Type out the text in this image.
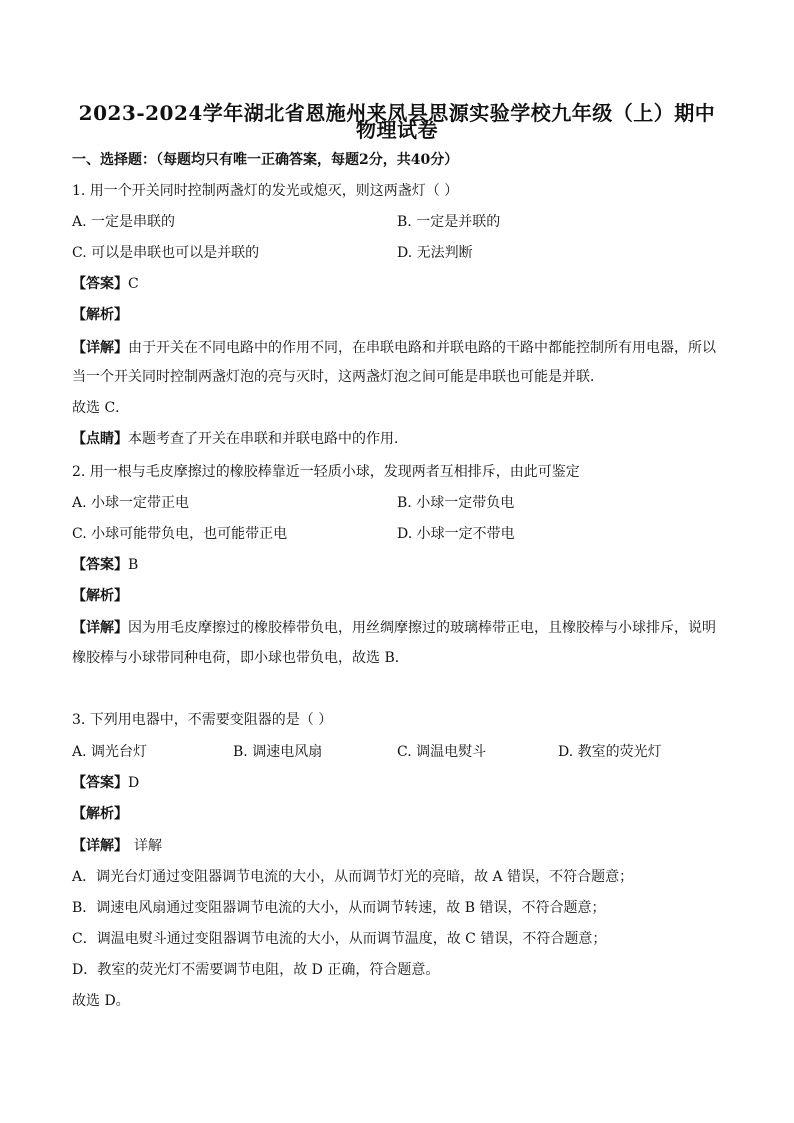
2023-2024学年湖北省恩施州来凤县思源实验学校九年级（上）期中
物理试卷
一、选择题：（每题均只有唯一正确答案，每题2分，共40分）
1. 用一个开关同时控制两盏灯的发光或熄灭，则这两盏灯（ ）
A. 一定是串联的	B. 一定是并联的
C. 可以是串联也可以是并联的	D. 无法判断
【答案】C
【解析】
【详解】由于开关在不同电路中的作用不同，在串联电路和并联电路的干路中都能控制所有用电器，所以
当一个开关同时控制两盏灯泡的亮与灭时，这两盏灯泡之间可能是串联也可能是并联．
故选 C．
【点睛】本题考查了开关在串联和并联电路中的作用．
2. 用一根与毛皮摩擦过的橡胶棒靠近一轻质小球，发现两者互相排斥，由此可鉴定
A. 小球一定带正电	B. 小球一定带负电
C. 小球可能带负电，也可能带正电	D. 小球一定不带电
【答案】B
【解析】
【详解】因为用毛皮摩擦过的橡胶棒带负电，用丝绸摩擦过的玻璃棒带正电，且橡胶棒与小球排斥，说明
橡胶棒与小球带同种电荷，即小球也带负电，故选 B．
3. 下列用电器中，不需要变阻器的是（ ）
A. 调光台灯	B. 调速电风扇	C. 调温电熨斗	D. 教室的荧光灯
【答案】D
【解析】
【详解】 详解
A．调光台灯通过变阻器调节电流的大小，从而调节灯光的亮暗，故 A 错误，不符合题意；
B．调速电风扇通过变阻器调节电流的大小，从而调节转速，故 B 错误，不符合题意；
C．调温电熨斗通过变阻器调节电流的大小，从而调节温度，故 C 错误，不符合题意；
D．教室的荧光灯不需要调节电阻，故 D 正确，符合题意。
故选 D。
